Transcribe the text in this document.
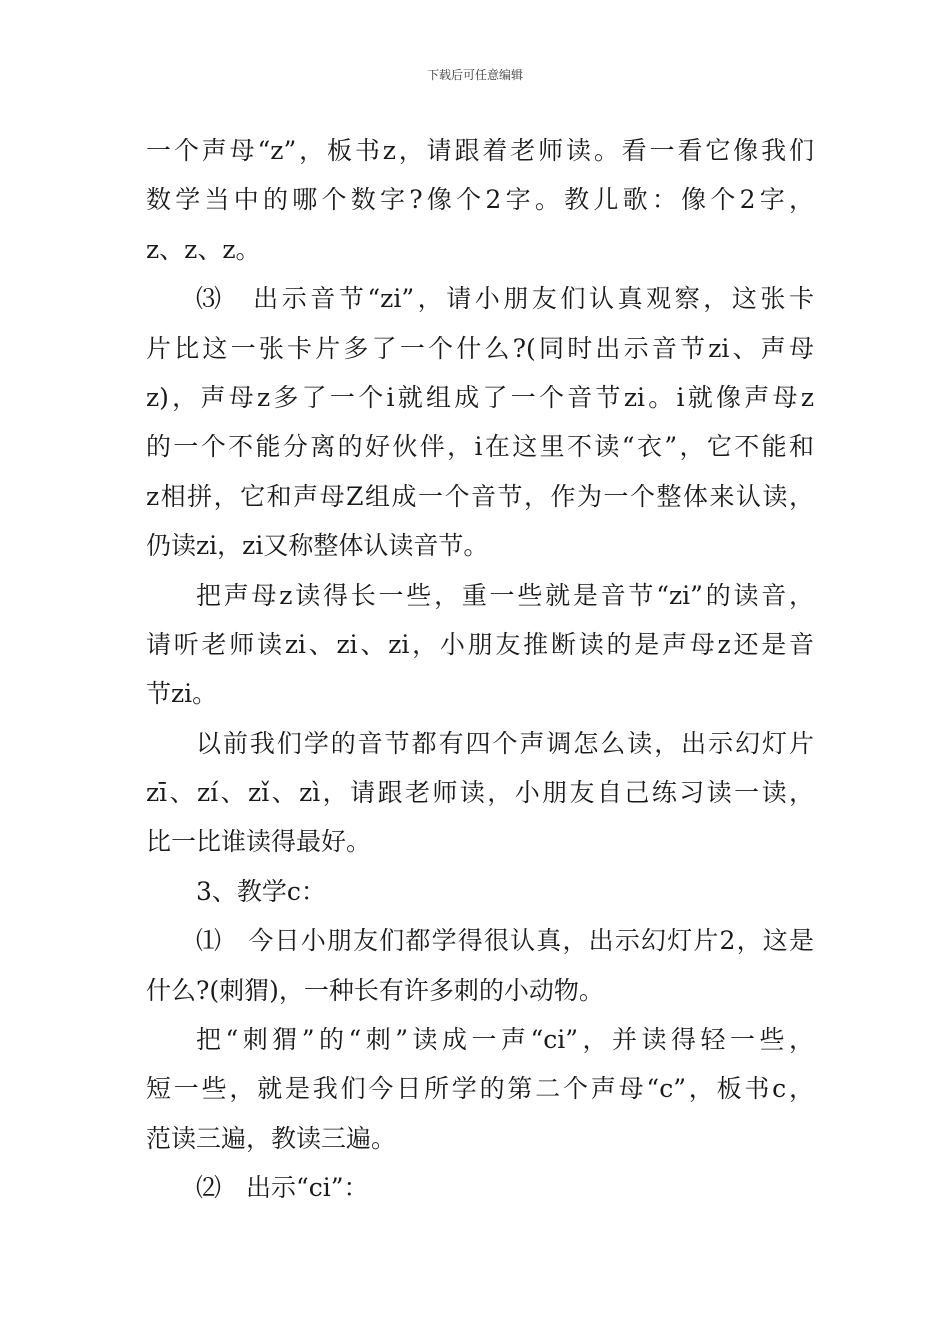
下载后可任意编辑
一个声母“z”，板书z，请跟着老师读。看一看它像我们
数学当中的哪个数字?像个2字。教儿歌：像个2字，
z、z、z。
⑶　出示音节“zi”，请小朋友们认真观察，这张卡
片比这一张卡片多了一个什么?(同时出示音节zi、声母
z)，声母z多了一个i就组成了一个音节zi。i就像声母z
的一个不能分离的好伙伴，i在这里不读“衣”，它不能和
z相拼，它和声母Z组成一个音节，作为一个整体来认读，
仍读zi，zi又称整体认读音节。
把声母z读得长一些，重一些就是音节“zi”的读音，
请听老师读zi、zi、zi，小朋友推断读的是声母z还是音
节zi。
以前我们学的音节都有四个声调怎么读，出示幻灯片
zī、zí、zǐ、zì，请跟老师读，小朋友自己练习读一读，
比一比谁读得最好。
3、教学c：
⑴　今日小朋友们都学得很认真，出示幻灯片2，这是
什么?(刺猬)，一种长有许多刺的小动物。
把“刺猬”的“刺”读成一声“ci”，并读得轻一些，
短一些，就是我们今日所学的第二个声母“c”，板书c，
范读三遍，教读三遍。
⑵　出示“ci”：
